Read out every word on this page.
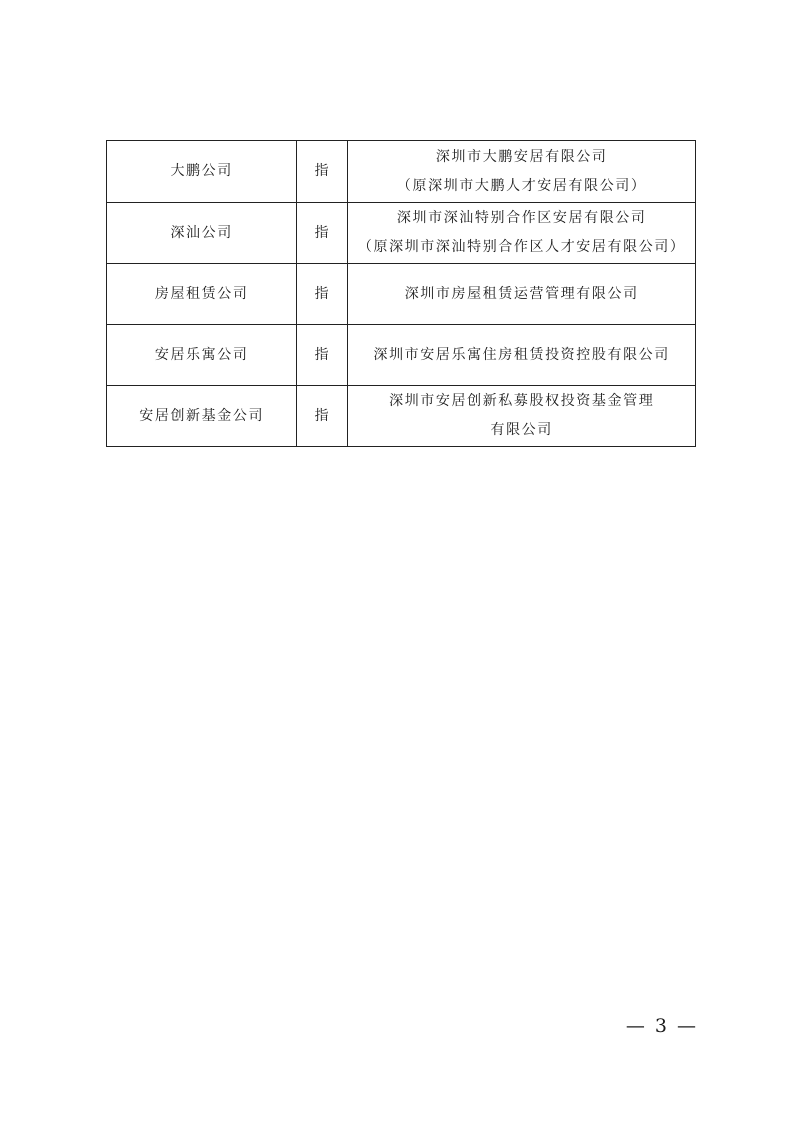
大鹏公司	指	深圳市大鹏安居有限公司
（原深圳市大鹏人才安居有限公司）

深汕公司	指	深圳市深汕特别合作区安居有限公司
（原深圳市深汕特别合作区人才安居有限公司）

房屋租赁公司	指	深圳市房屋租赁运营管理有限公司

安居乐寓公司	指	深圳市安居乐寓住房租赁投资控股有限公司

安居创新基金公司	指	深圳市安居创新私募股权投资基金管理
有限公司
— 3 —
